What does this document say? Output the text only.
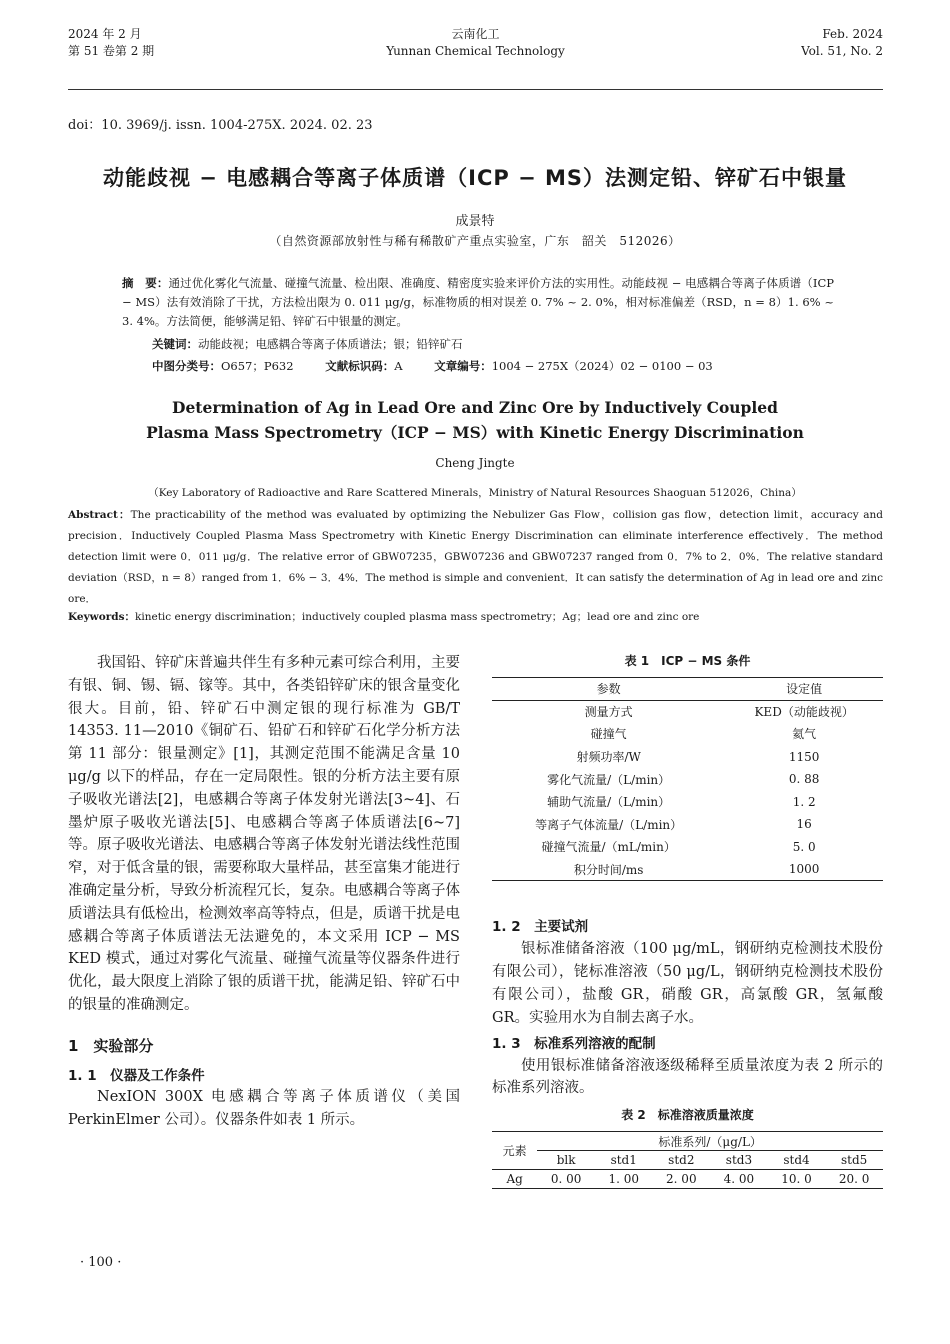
2024 年 2 月
第 51 卷第 2 期
云南化工
Yunnan Chemical Technology
Feb. 2024
Vol. 51, No. 2
doi：10. 3969/j. issn. 1004-275X. 2024. 02. 23
动能歧视 − 电感耦合等离子体质谱（ICP − MS）法测定铅、锌矿石中银量
成景特
（自然资源部放射性与稀有稀散矿产重点实验室，广东　韶关　512026）
摘　要：通过优化雾化气流量、碰撞气流量、检出限、准确度、精密度实验来评价方法的实用性。动能歧视 − 电感耦合等离子体质谱（ICP − MS）法有效消除了干扰，方法检出限为 0. 011 μg/g，标准物质的相对误差 0. 7% ~ 2. 0%，相对标准偏差（RSD，n = 8）1. 6% ~ 3. 4%。方法简便，能够满足铅、锌矿石中银量的测定。
关键词：动能歧视；电感耦合等离子体质谱法；银；铅锌矿石
中图分类号：O657；P632	文献标识码：A	文章编号：1004 − 275X（2024）02 − 0100 − 03
Determination of Ag in Lead Ore and Zinc Ore by Inductively Coupled
Plasma Mass Spectrometry（ICP − MS）with Kinetic Energy Discrimination
Cheng Jingte
（Key Laboratory of Radioactive and Rare Scattered Minerals，Ministry of Natural Resources Shaoguan 512026，China）
Abstract：The practicability of the method was evaluated by optimizing the Nebulizer Gas Flow，collision gas flow，detection limit，accuracy and precision．Inductively Coupled Plasma Mass Spectrometry with Kinetic Energy Discrimination can eliminate interference effectively．The method detection limit were 0．011 μg/g．The relative error of GBW07235，GBW07236 and GBW07237 ranged from 0．7% to 2．0%．The relative standard deviation（RSD，n = 8）ranged from 1．6% − 3．4%．The method is simple and convenient．It can satisfy the determination of Ag in lead ore and zinc ore．
Keywords：kinetic energy discrimination；inductively coupled plasma mass spectrometry；Ag；lead ore and zinc ore

我国铅、锌矿床普遍共伴生有多种元素可综合利用，主要有银、铜、锡、镉、镓等。其中，各类铅锌矿床的银含量变化很大。目前，铅、锌矿石中测定银的现行标准为 GB/T 14353. 11—2010《铜矿石、铅矿石和锌矿石化学分析方法 第 11 部分：银量测定》[1]，其测定范围不能满足含量 10 μg/g 以下的样品，存在一定局限性。银的分析方法主要有原子吸收光谱法[2]，电感耦合等离子体发射光谱法[3~4]、石墨炉原子吸收光谱法[5]、电感耦合等离子体质谱法[6~7]等。原子吸收光谱法、电感耦合等离子体发射光谱法线性范围窄，对于低含量的银，需要称取大量样品，甚至富集才能进行准确定量分析，导致分析流程冗长，复杂。电感耦合等离子体质谱法具有低检出，检测效率高等特点，但是，质谱干扰是电感耦合等离子体质谱法无法避免的，本文采用 ICP − MS KED 模式，通过对雾化气流量、碰撞气流量等仪器条件进行优化，最大限度上消除了银的质谱干扰，能满足铅、锌矿石中的银量的准确测定。

1　实验部分
1. 1　仪器及工作条件

NexION 300X 电感耦合等离子体质谱仪（美国 PerkinElmer 公司）。仪器条件如表 1 所示。

表 1　ICP − MS 条件
参数	设定值
测量方式	KED（动能歧视）
碰撞气	氦气
射频功率/W	1150
雾化气流量/（L/min）	0. 88
辅助气流量/（L/min）	1. 2
等离子气体流量/（L/min）	16
碰撞气流量/（mL/min）	5. 0
积分时间/ms	1000
1. 2　主要试剂

银标准储备溶液（100 μg/mL，钢研纳克检测技术股份有限公司），铑标准溶液（50 μg/L，钢研纳克检测技术股份有限公司），盐酸 GR，硝酸 GR，高氯酸 GR，氢氟酸 GR。实验用水为自制去离子水。

1. 3　标准系列溶液的配制

使用银标准储备溶液逐级稀释至质量浓度为表 2 所示的标准系列溶液。

表 2　标准溶液质量浓度
元素	标准系列/（μg/L）					
	blk	std1	std2	std3	std4	std5
Ag	0. 00	1. 00	2. 00	4. 00	10. 0	20. 0
· 100 ·
